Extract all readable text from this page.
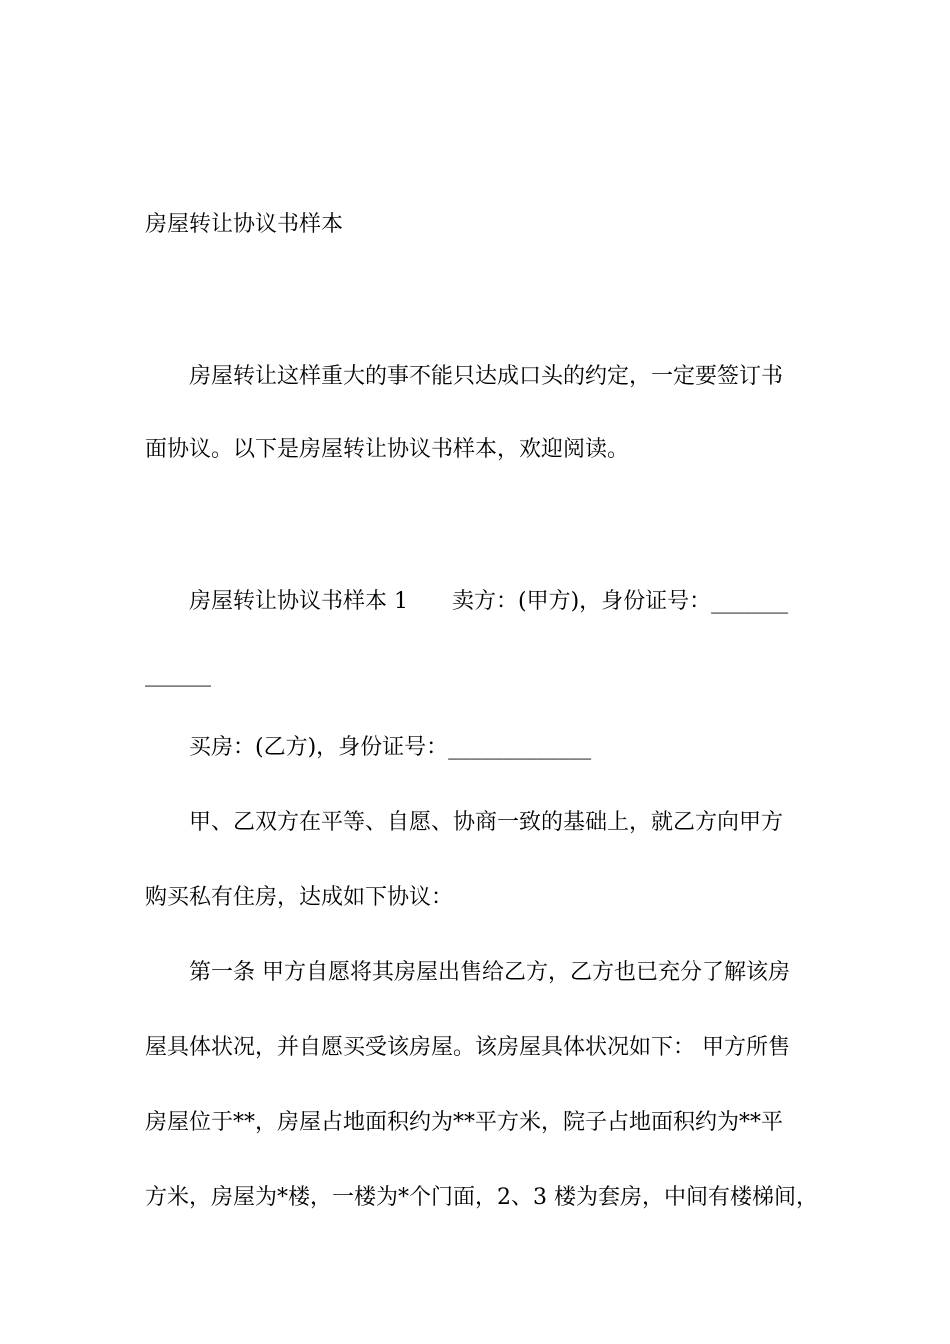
房屋转让协议书样本
房屋转让这样重大的事不能只达成口头的约定，一定要签订书
面协议。以下是房屋转让协议书样本，欢迎阅读。
房屋转让协议书样本 1　　卖方：(甲方)，身份证号：_______
______
买房：(乙方)，身份证号：_____________
甲、乙双方在平等、自愿、协商一致的基础上，就乙方向甲方
购买私有住房，达成如下协议：
第一条 甲方自愿将其房屋出售给乙方，乙方也已充分了解该房
屋具体状况，并自愿买受该房屋。该房屋具体状况如下： 甲方所售
房屋位于**，房屋占地面积约为**平方米，院子占地面积约为**平
方米，房屋为*楼，一楼为*个门面，2、3 楼为套房，中间有楼梯间，
